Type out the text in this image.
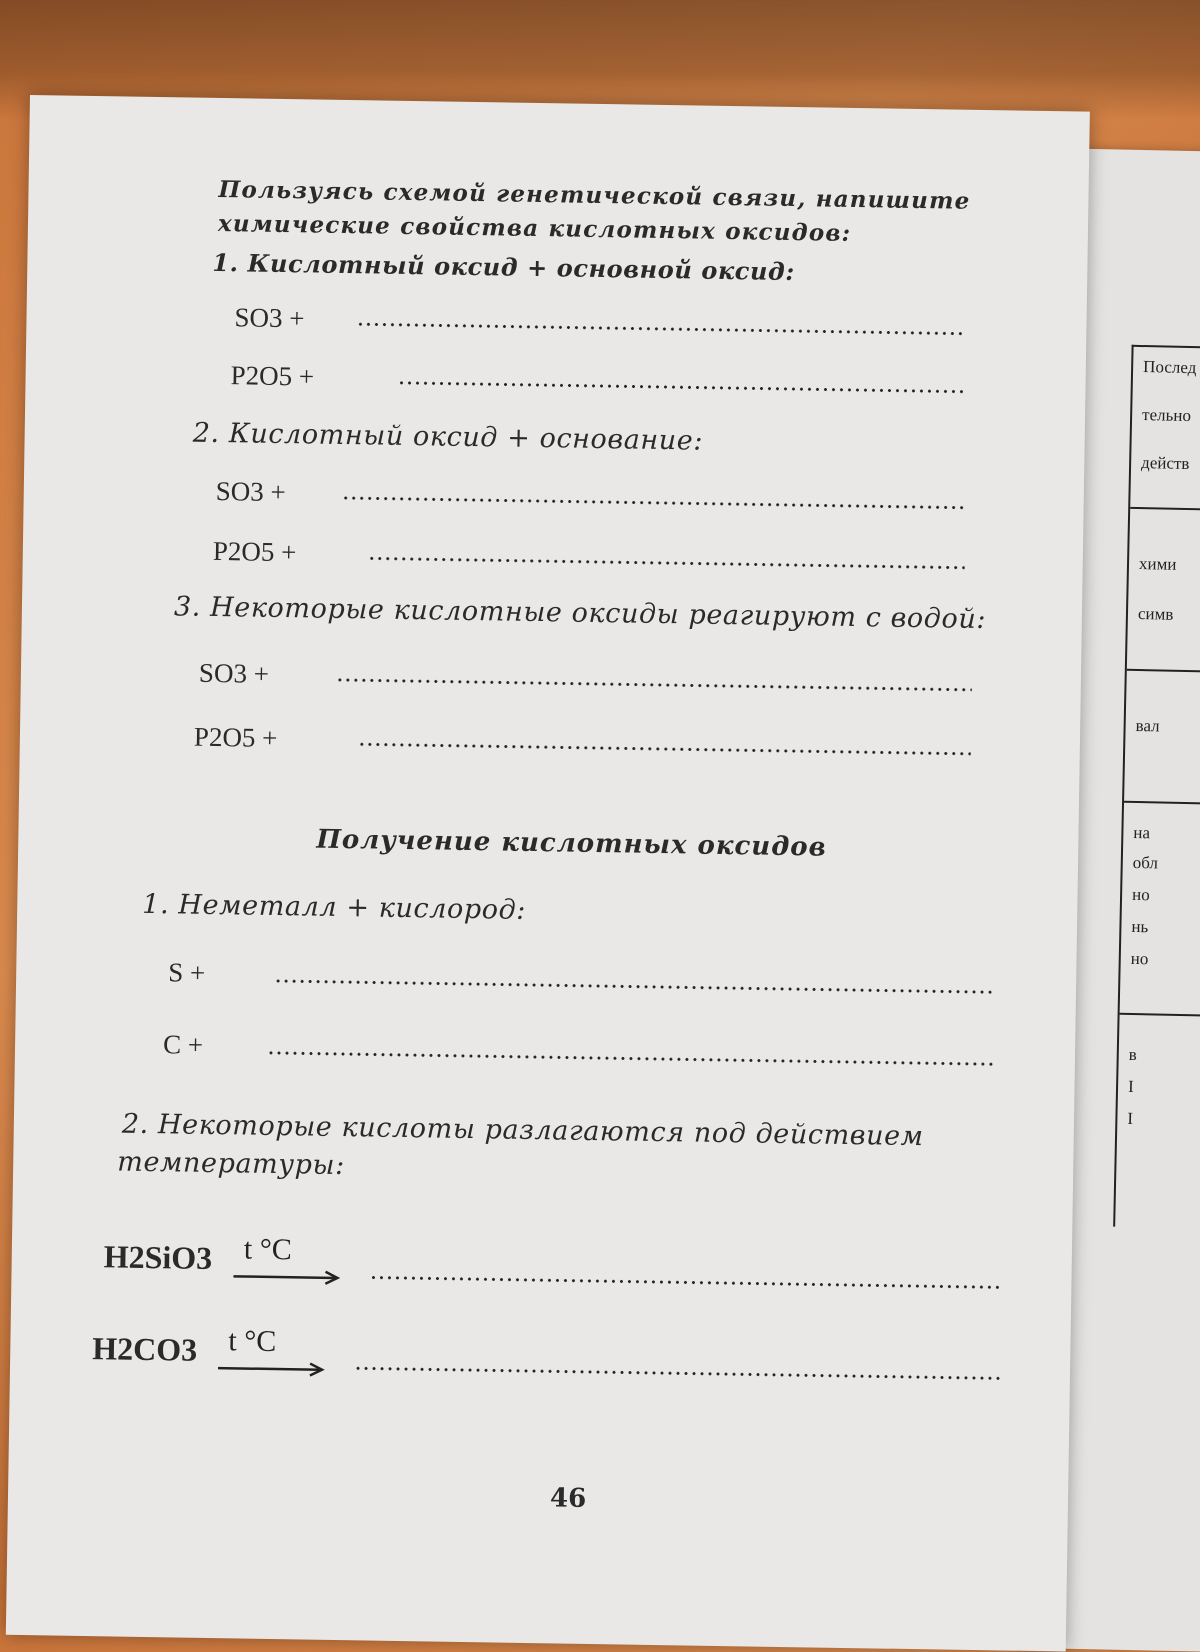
Послед
тельно
действ
хими
симв
вал
на
обл
но
нь
но
в
I
I
Пользуясь схемой генетической связи, напишите
химические свойства кислотных оксидов:
1. Кислотный оксид + основной оксид:
SO3 +
P2O5 +
2. Кислотный оксид + основание:
SO3 +
P2O5 +
3. Некоторые кислотные оксиды реагируют с водой:
SO3 +
P2O5 +
Получение кислотных оксидов
1. Неметалл + кислород:
S +
C +
2. Некоторые кислоты разлагаются под действием
температуры:
H2SiO3 t °C
H2CO3 t °C
46
